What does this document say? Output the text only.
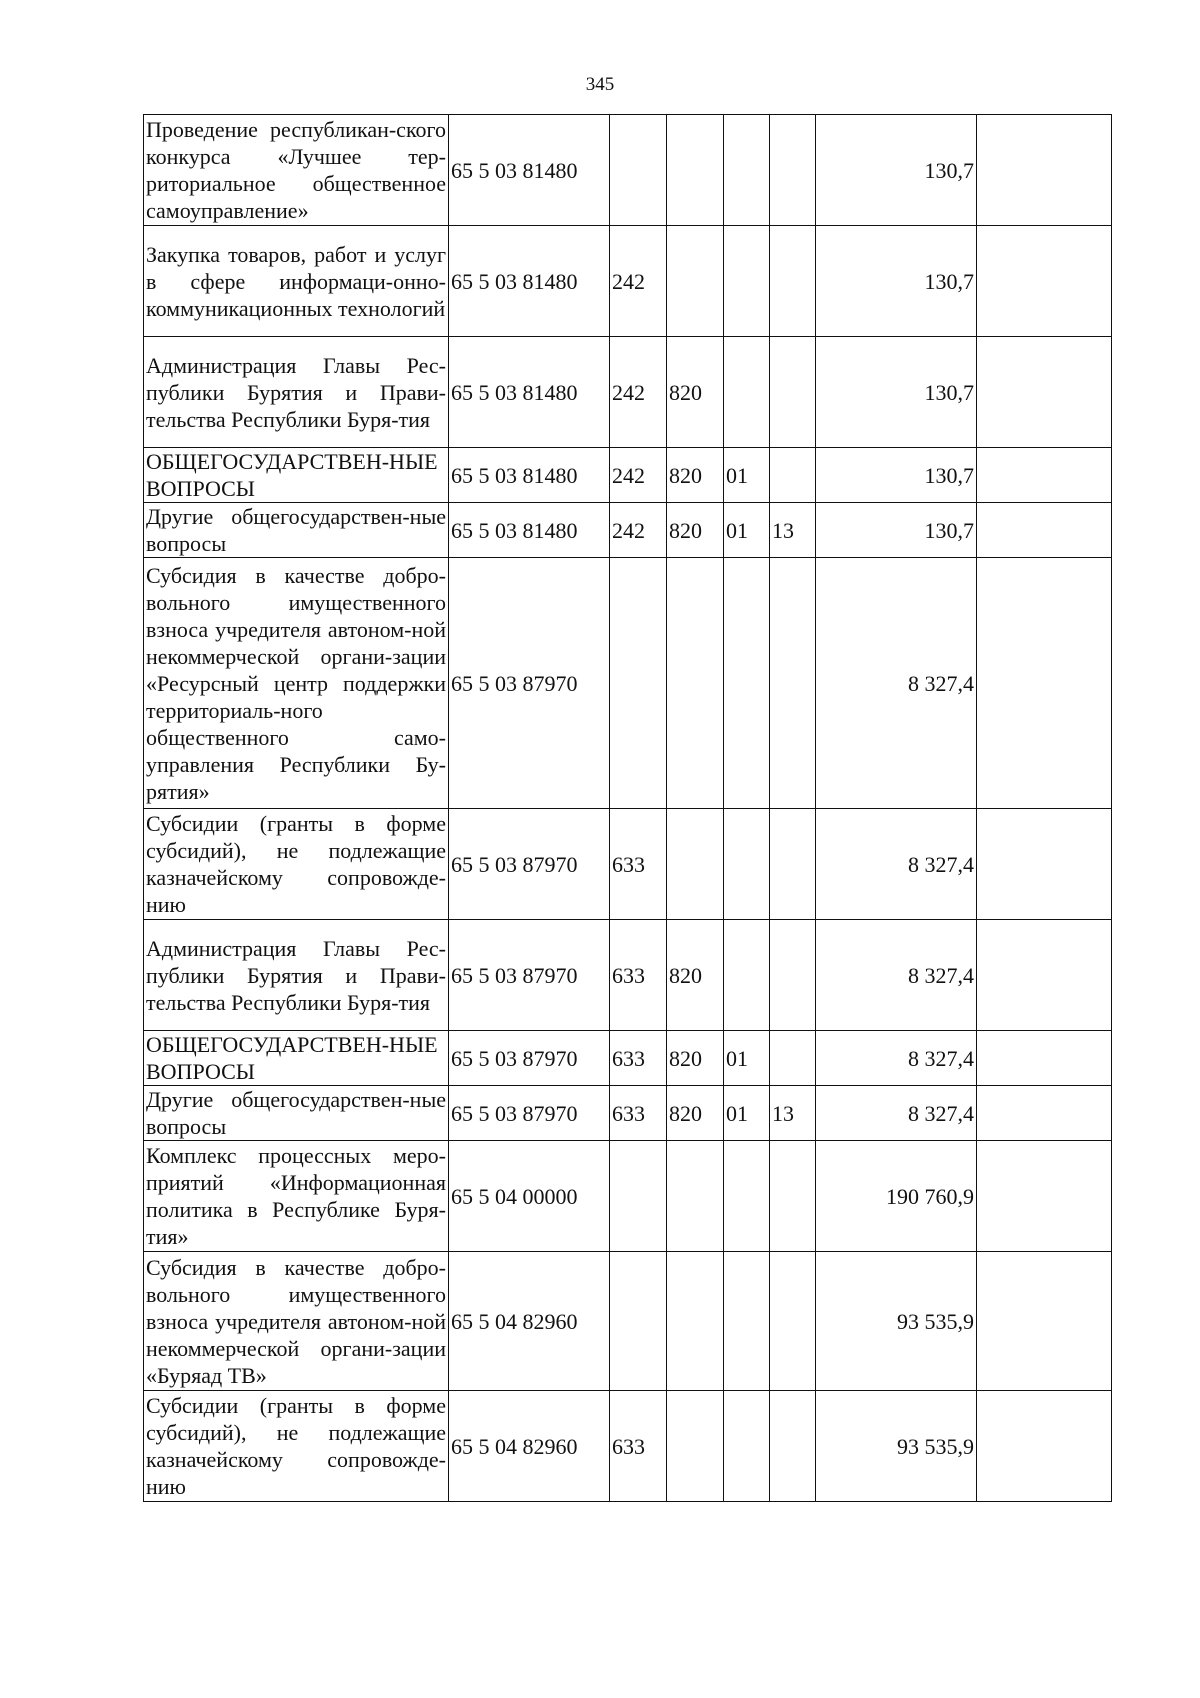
345
Проведение республикан-ского конкурса «Лучшее тер-риториальное общественное самоуправление»	65 5 03 81480					130,7	
Закупка товаров, работ и услуг в сфере информаци-онно-коммуникационных технологий	65 5 03 81480	242				130,7	
Администрация Главы Рес-публики Бурятия и Прави-тельства Республики Буря-тия	65 5 03 81480	242	820			130,7	
ОБЩЕГОСУДАРСТВЕН-НЫЕ ВОПРОСЫ	65 5 03 81480	242	820	01		130,7	
Другие общегосударствен-ные вопросы	65 5 03 81480	242	820	01	13	130,7	
Субсидия в качестве добро-вольного имущественного взноса учредителя автоном-ной некоммерческой органи-зации «Ресурсный центр поддержки территориаль-ного общественного само-управления Республики Бу-рятия»	65 5 03 87970					8 327,4	
Субсидии (гранты в форме субсидий), не подлежащие казначейскому сопровожде-нию	65 5 03 87970	633				8 327,4	
Администрация Главы Рес-публики Бурятия и Прави-тельства Республики Буря-тия	65 5 03 87970	633	820			8 327,4	
ОБЩЕГОСУДАРСТВЕН-НЫЕ ВОПРОСЫ	65 5 03 87970	633	820	01		8 327,4	
Другие общегосударствен-ные вопросы	65 5 03 87970	633	820	01	13	8 327,4	
Комплекс процессных меро-приятий «Информационная политика в Республике Буря-тия»	65 5 04 00000					190 760,9	
Субсидия в качестве добро-вольного имущественного взноса учредителя автоном-ной некоммерческой органи-зации «Буряад ТВ»	65 5 04 82960					93 535,9	
Субсидии (гранты в форме субсидий), не подлежащие казначейскому сопровожде-нию	65 5 04 82960	633				93 535,9	
